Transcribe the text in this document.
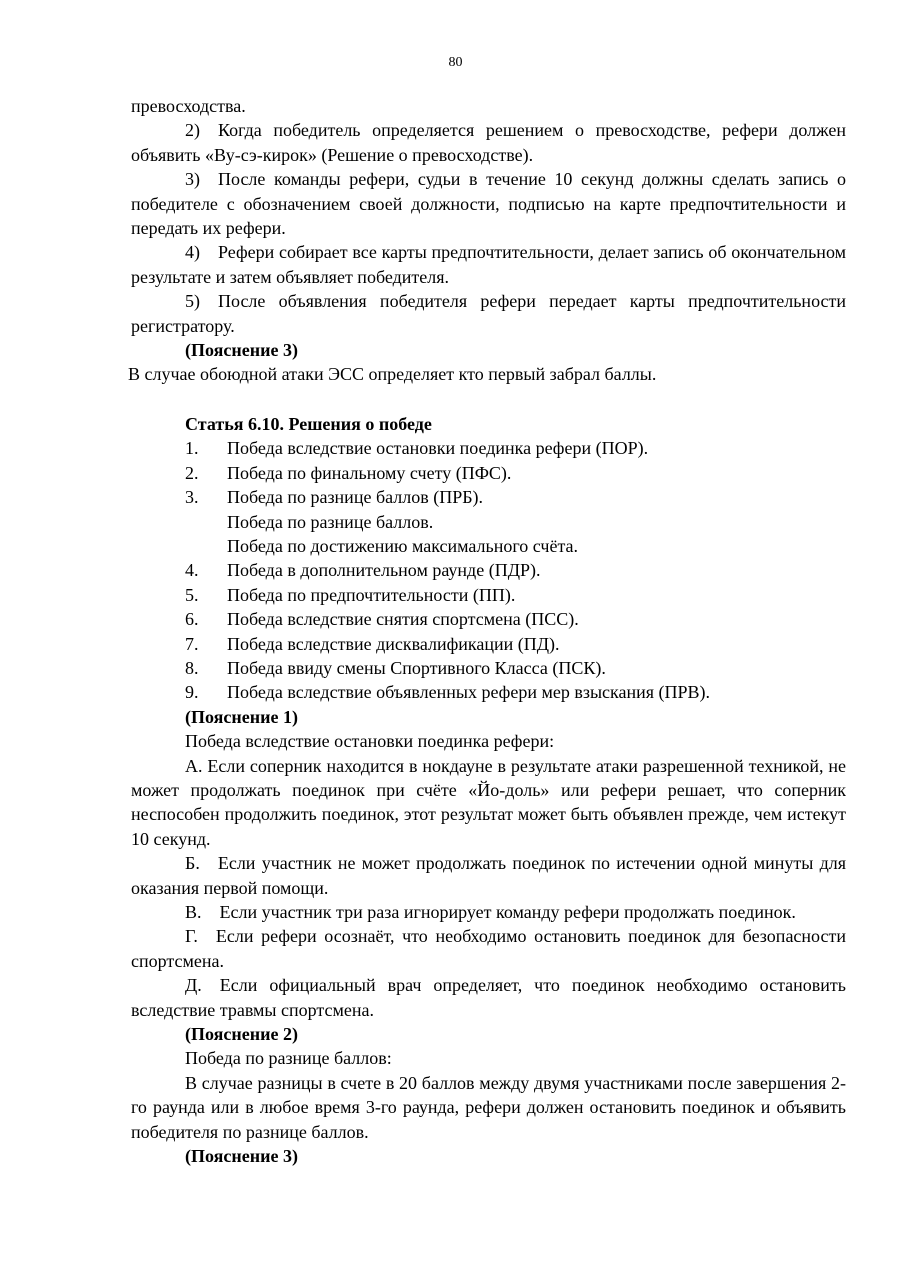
80

превосходства.

2) Когда победитель определяется решением о превосходстве, рефери должен объявить «Ву-сэ-кирок» (Решение о превосходстве).

3) После команды рефери, судьи в течение 10 секунд должны сделать запись о победителе с обозначением своей должности, подписью на карте предпочтительности и передать их рефери.

4) Рефери собирает все карты предпочтительности, делает запись об окончательном результате и затем объявляет победителя.

5) После объявления победителя рефери передает карты предпочтительности регистратору.

(Пояснение 3)

В случае обоюдной атаки ЭСС определяет кто первый забрал баллы.

Статья 6.10. Решения о победе

1.	Победа вследствие остановки поединка рефери (ПОР).
2.	Победа по финальному счету (ПФС).
3.	Победа по разнице баллов (ПРБ).

Победа по разнице баллов.

Победа по достижению максимального счёта.

4.	Победа в дополнительном раунде (ПДР).
5.	Победа по предпочтительности (ПП).
6.	Победа вследствие снятия спортсмена (ПСС).
7.	Победа вследствие дисквалификации (ПД).
8.	Победа ввиду смены Спортивного Класса (ПСК).
9.	Победа вследствие объявленных рефери мер взыскания (ПРВ).

(Пояснение 1)

Победа вследствие остановки поединка рефери:

А. Если соперник находится в нокдауне в результате атаки разрешенной техникой, не может продолжать поединок при счёте «Йо-доль» или рефери решает, что соперник неспособен продолжить поединок, этот результат может быть объявлен прежде, чем истекут 10 секунд.

Б. Если участник не может продолжать поединок по истечении одной минуты для оказания первой помощи.

В. Если участник три раза игнорирует команду рефери продолжать поединок.

Г. Если рефери осознаёт, что необходимо остановить поединок для безопасности спортсмена.

Д. Если официальный врач определяет, что поединок необходимо остановить вследствие травмы спортсмена.

(Пояснение 2)

Победа по разнице баллов:

В случае разницы в счете в 20 баллов между двумя участниками после завершения 2-го раунда или в любое время 3-го раунда, рефери должен остановить поединок и объявить победителя по разнице баллов.

(Пояснение 3)
